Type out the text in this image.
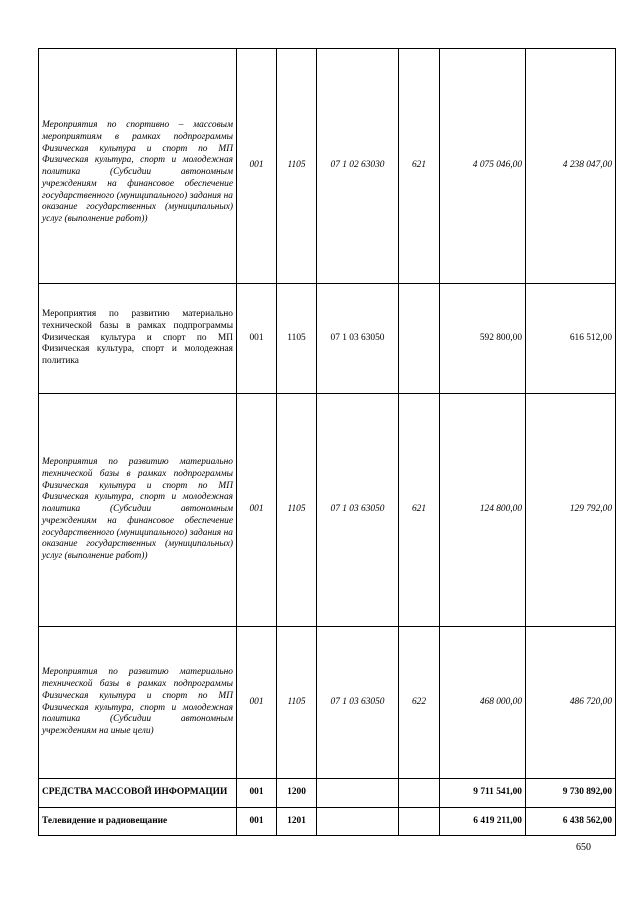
Мероприятия по спортивно – массовым мероприятиям в рамках подпрограммы Физическая культура и спорт по МП Физическая культура, спорт и молодежная политика (Субсидии автономным учреждениям на финансовое обеспечение государственного (муниципального) задания на оказание государственных (муниципальных) услуг (выполнение работ))	001	1105	07 1 02 63030	621	4 075 046,00	4 238 047,00
Мероприятия по развитию материально технической базы в рамках подпрограммы Физическая культура и спорт по МП Физическая культура, спорт и молодежная политика	001	1105	07 1 03 63050		592 800,00	616 512,00
Мероприятия по развитию материально технической базы в рамках подпрограммы Физическая культура и спорт по МП Физическая культура, спорт и молодежная политика (Субсидии автономным учреждениям на финансовое обеспечение государственного (муниципального) задания на оказание государственных (муниципальных) услуг (выполнение работ))	001	1105	07 1 03 63050	621	124 800,00	129 792,00
Мероприятия по развитию материально технической базы в рамках подпрограммы Физическая культура и спорт по МП Физическая культура, спорт и молодежная политика (Субсидии автономным учреждениям на иные цели)	001	1105	07 1 03 63050	622	468 000,00	486 720,00
СРЕДСТВА МАССОВОЙ ИНФОРМАЦИИ	001	1200			9 711 541,00	9 730 892,00
Телевидение и радиовещание	001	1201			6 419 211,00	6 438 562,00
650
